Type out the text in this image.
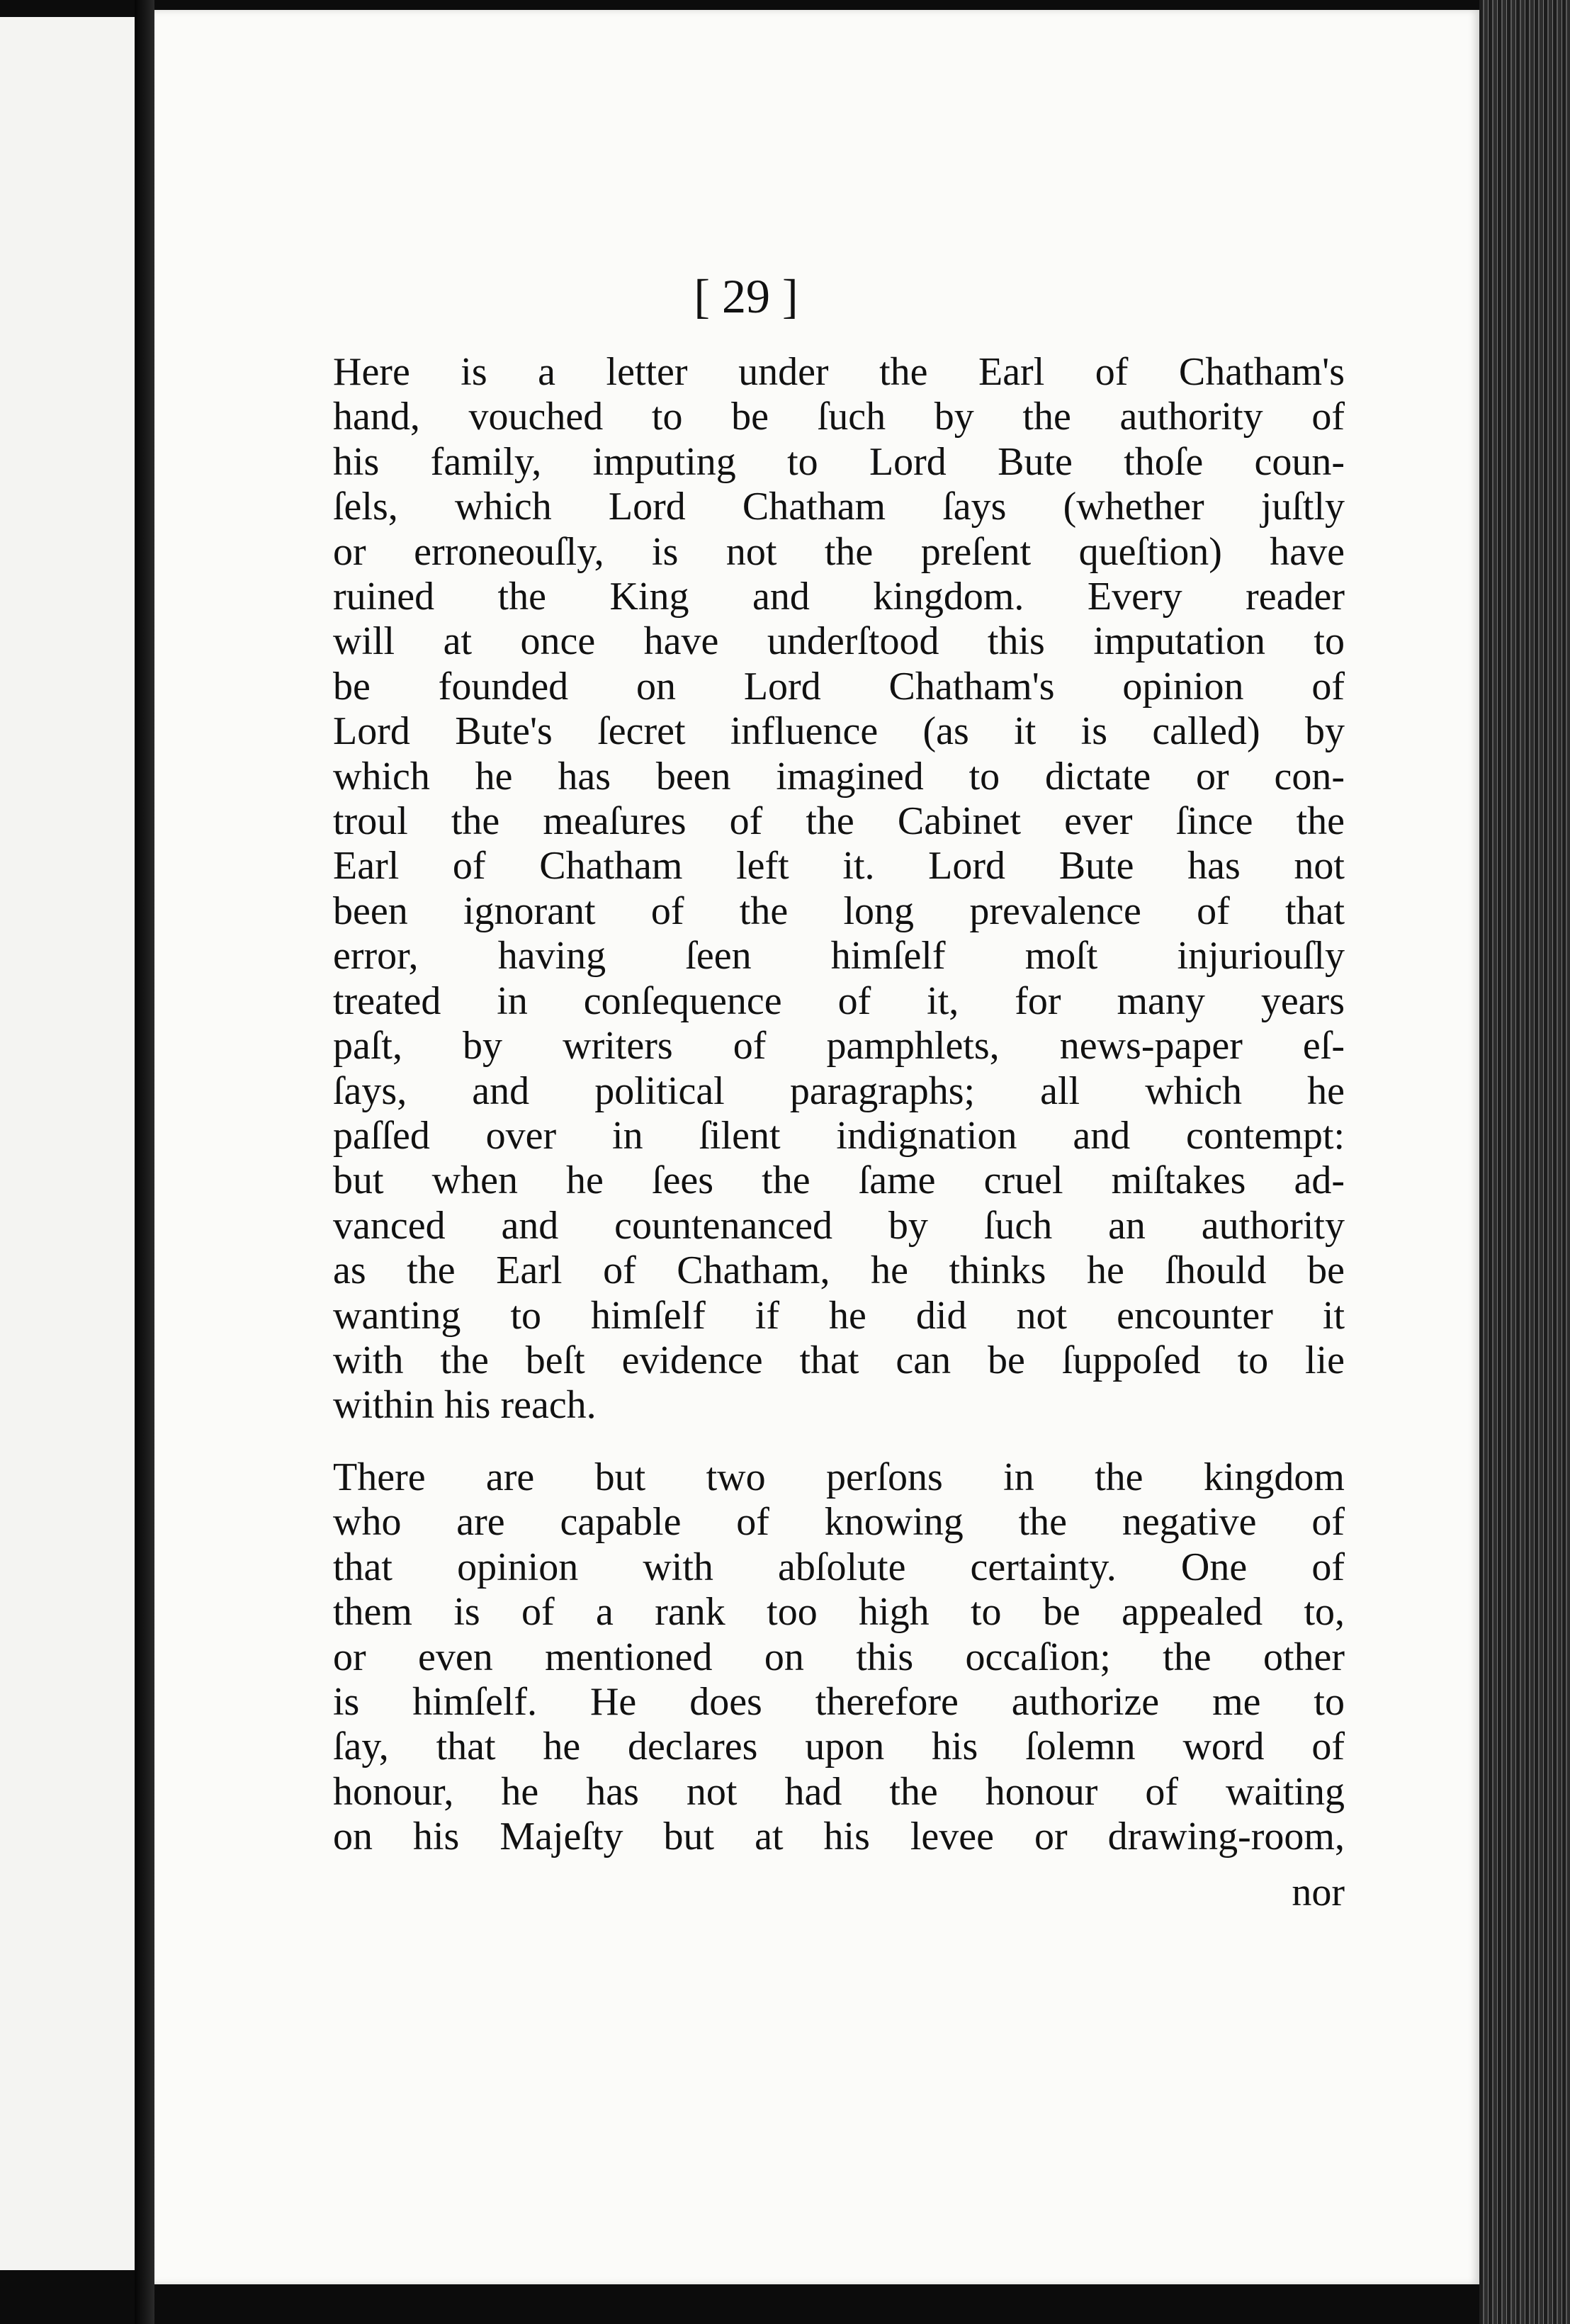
[ 29 ]

Here is a letter under the Earl of Chatham's
hand, vouched to be ſuch by the authority of
his family, imputing to Lord Bute thoſe coun-
ſels, which Lord Chatham ſays (whether juſtly
or erroneouſly, is not the preſent queſtion) have
ruined the King and kingdom. Every reader
will at once have underſtood this imputation to
be founded on Lord Chatham's opinion of
Lord Bute's ſecret influence (as it is called) by
which he has been imagined to dictate or con-
troul the meaſures of the Cabinet ever ſince the
Earl of Chatham left it. Lord Bute has not
been ignorant of the long prevalence of that
error, having ſeen himſelf moſt injuriouſly
treated in conſequence of it, for many years
paſt, by writers of pamphlets, news-paper eſ-
ſays, and political paragraphs; all which he
paſſed over in ſilent indignation and contempt:
but when he ſees the ſame cruel miſtakes ad-
vanced and countenanced by ſuch an authority
as the Earl of Chatham, he thinks he ſhould be
wanting to himſelf if he did not encounter it
with the beſt evidence that can be ſuppoſed to lie
within his reach.

There are but two perſons in the kingdom
who are capable of knowing the negative of
that opinion with abſolute certainty. One of
them is of a rank too high to be appealed to,
or even mentioned on this occaſion; the other
is himſelf. He does therefore authorize me to
ſay, that he declares upon his ſolemn word of
honour, he has not had the honour of waiting
on his Majeſty but at his levee or drawing-room,

nor
